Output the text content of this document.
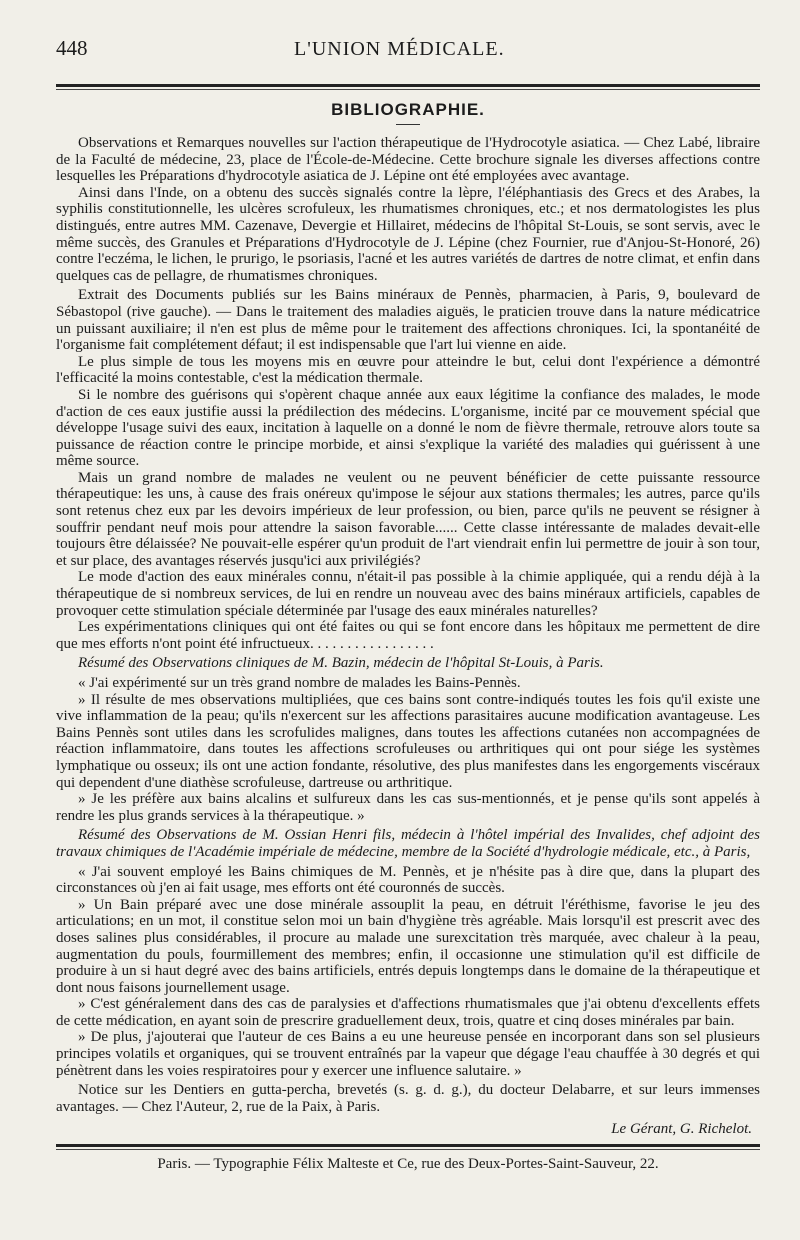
448	L'UNION MÉDICALE.
BIBLIOGRAPHIE.

Observations et Remarques nouvelles sur l'action thérapeutique de l'Hydrocotyle asiatica. — Chez Labé, libraire de la Faculté de médecine, 23, place de l'École-de-Médecine. Cette brochure signale les diverses affections contre lesquelles les Préparations d'hydrocotyle asiatica de J. Lépine ont été employées avec avantage.

Ainsi dans l'Inde, on a obtenu des succès signalés contre la lèpre, l'éléphantiasis des Grecs et des Arabes, la syphilis constitutionnelle, les ulcères scrofuleux, les rhumatismes chroniques, etc.; et nos dermatologistes les plus distingués, entre autres MM. Cazenave, Devergie et Hillairet, médecins de l'hôpital St-Louis, se sont servis, avec le même succès, des Granules et Préparations d'Hydrocotyle de J. Lépine (chez Fournier, rue d'Anjou-St-Honoré, 26) contre l'eczéma, le lichen, le prurigo, le psoriasis, l'acné et les autres variétés de dartres de notre climat, et enfin dans quelques cas de pellagre, de rhumatismes chroniques.

Extrait des Documents publiés sur les Bains minéraux de Pennès, pharmacien, à Paris, 9, boulevard de Sébastopol (rive gauche). — Dans le traitement des maladies aiguës, le praticien trouve dans la nature médicatrice un puissant auxiliaire; il n'en est plus de même pour le traitement des affections chroniques. Ici, la spontanéité de l'organisme fait complétement défaut; il est indispensable que l'art lui vienne en aide.

Le plus simple de tous les moyens mis en œuvre pour atteindre le but, celui dont l'expérience a démontré l'efficacité la moins contestable, c'est la médication thermale.

Si le nombre des guérisons qui s'opèrent chaque année aux eaux légitime la confiance des malades, le mode d'action de ces eaux justifie aussi la prédilection des médecins. L'organisme, incité par ce mouvement spécial que développe l'usage suivi des eaux, incitation à laquelle on a donné le nom de fièvre thermale, retrouve alors toute sa puissance de réaction contre le principe morbide, et ainsi s'explique la variété des maladies qui guérissent à une même source.

Mais un grand nombre de malades ne veulent ou ne peuvent bénéficier de cette puissante ressource thérapeutique: les uns, à cause des frais onéreux qu'impose le séjour aux stations thermales; les autres, parce qu'ils sont retenus chez eux par les devoirs impérieux de leur profession, ou bien, parce qu'ils ne peuvent se résigner à souffrir pendant neuf mois pour attendre la saison favorable...... Cette classe intéressante de malades devait-elle toujours être délaissée? Ne pouvait-elle espérer qu'un produit de l'art viendrait enfin lui permettre de jouir à son tour, et sur place, des avantages réservés jusqu'ici aux privilégiés?

Le mode d'action des eaux minérales connu, n'était-il pas possible à la chimie appliquée, qui a rendu déjà à la thérapeutique de si nombreux services, de lui en rendre un nouveau avec des bains minéraux artificiels, capables de provoquer cette stimulation spéciale déterminée par l'usage des eaux minérales naturelles?

Les expérimentations cliniques qui ont été faites ou qui se font encore dans les hôpitaux me permettent de dire que mes efforts n'ont point été infructueux. . . . . . . . . . . . . . . . .

Résumé des Observations cliniques de M. Bazin, médecin de l'hôpital St-Louis, à Paris.

« J'ai expérimenté sur un très grand nombre de malades les Bains-Pennès.

» Il résulte de mes observations multipliées, que ces bains sont contre-indiqués toutes les fois qu'il existe une vive inflammation de la peau; qu'ils n'exercent sur les affections parasitaires aucune modification avantageuse. Les Bains Pennès sont utiles dans les scrofulides malignes, dans toutes les affections cutanées non accompagnées de réaction inflammatoire, dans toutes les affections scrofuleuses ou arthritiques qui ont pour siége les systèmes lymphatique ou osseux; ils ont une action fondante, résolutive, des plus manifestes dans les engorgements viscéraux qui dependent d'une diathèse scrofuleuse, dartreuse ou arthritique.

» Je les préfère aux bains alcalins et sulfureux dans les cas sus-mentionnés, et je pense qu'ils sont appelés à rendre les plus grands services à la thérapeutique. »

Résumé des Observations de M. Ossian Henri fils, médecin à l'hôtel impérial des Invalides, chef adjoint des travaux chimiques de l'Académie impériale de médecine, membre de la Société d'hydrologie médicale, etc., à Paris,

« J'ai souvent employé les Bains chimiques de M. Pennès, et je n'hésite pas à dire que, dans la plupart des circonstances où j'en ai fait usage, mes efforts ont été couronnés de succès.

» Un Bain préparé avec une dose minérale assouplit la peau, en détruit l'éréthisme, favorise le jeu des articulations; en un mot, il constitue selon moi un bain d'hygiène très agréable. Mais lorsqu'il est prescrit avec des doses salines plus considérables, il procure au malade une surexcitation très marquée, avec chaleur à la peau, augmentation du pouls, fourmillement des membres; enfin, il occasionne une stimulation qu'il est difficile de produire à un si haut degré avec des bains artificiels, entrés depuis longtemps dans le domaine de la thérapeutique et dont nous faisons journellement usage.

» C'est généralement dans des cas de paralysies et d'affections rhumatismales que j'ai obtenu d'excellents effets de cette médication, en ayant soin de prescrire graduellement deux, trois, quatre et cinq doses minérales par bain.

» De plus, j'ajouterai que l'auteur de ces Bains a eu une heureuse pensée en incorporant dans son sel plusieurs principes volatils et organiques, qui se trouvent entraînés par la vapeur que dégage l'eau chauffée à 30 degrés et qui pénètrent dans les voies respiratoires pour y exercer une influence salutaire. »

Notice sur les Dentiers en gutta-percha, brevetés (s. g. d. g.), du docteur Delabarre, et sur leurs immenses avantages. — Chez l'Auteur, 2, rue de la Paix, à Paris.

Le Gérant, G. Richelot.
Paris. — Typographie Félix Malteste et Ce, rue des Deux-Portes-Saint-Sauveur, 22.
